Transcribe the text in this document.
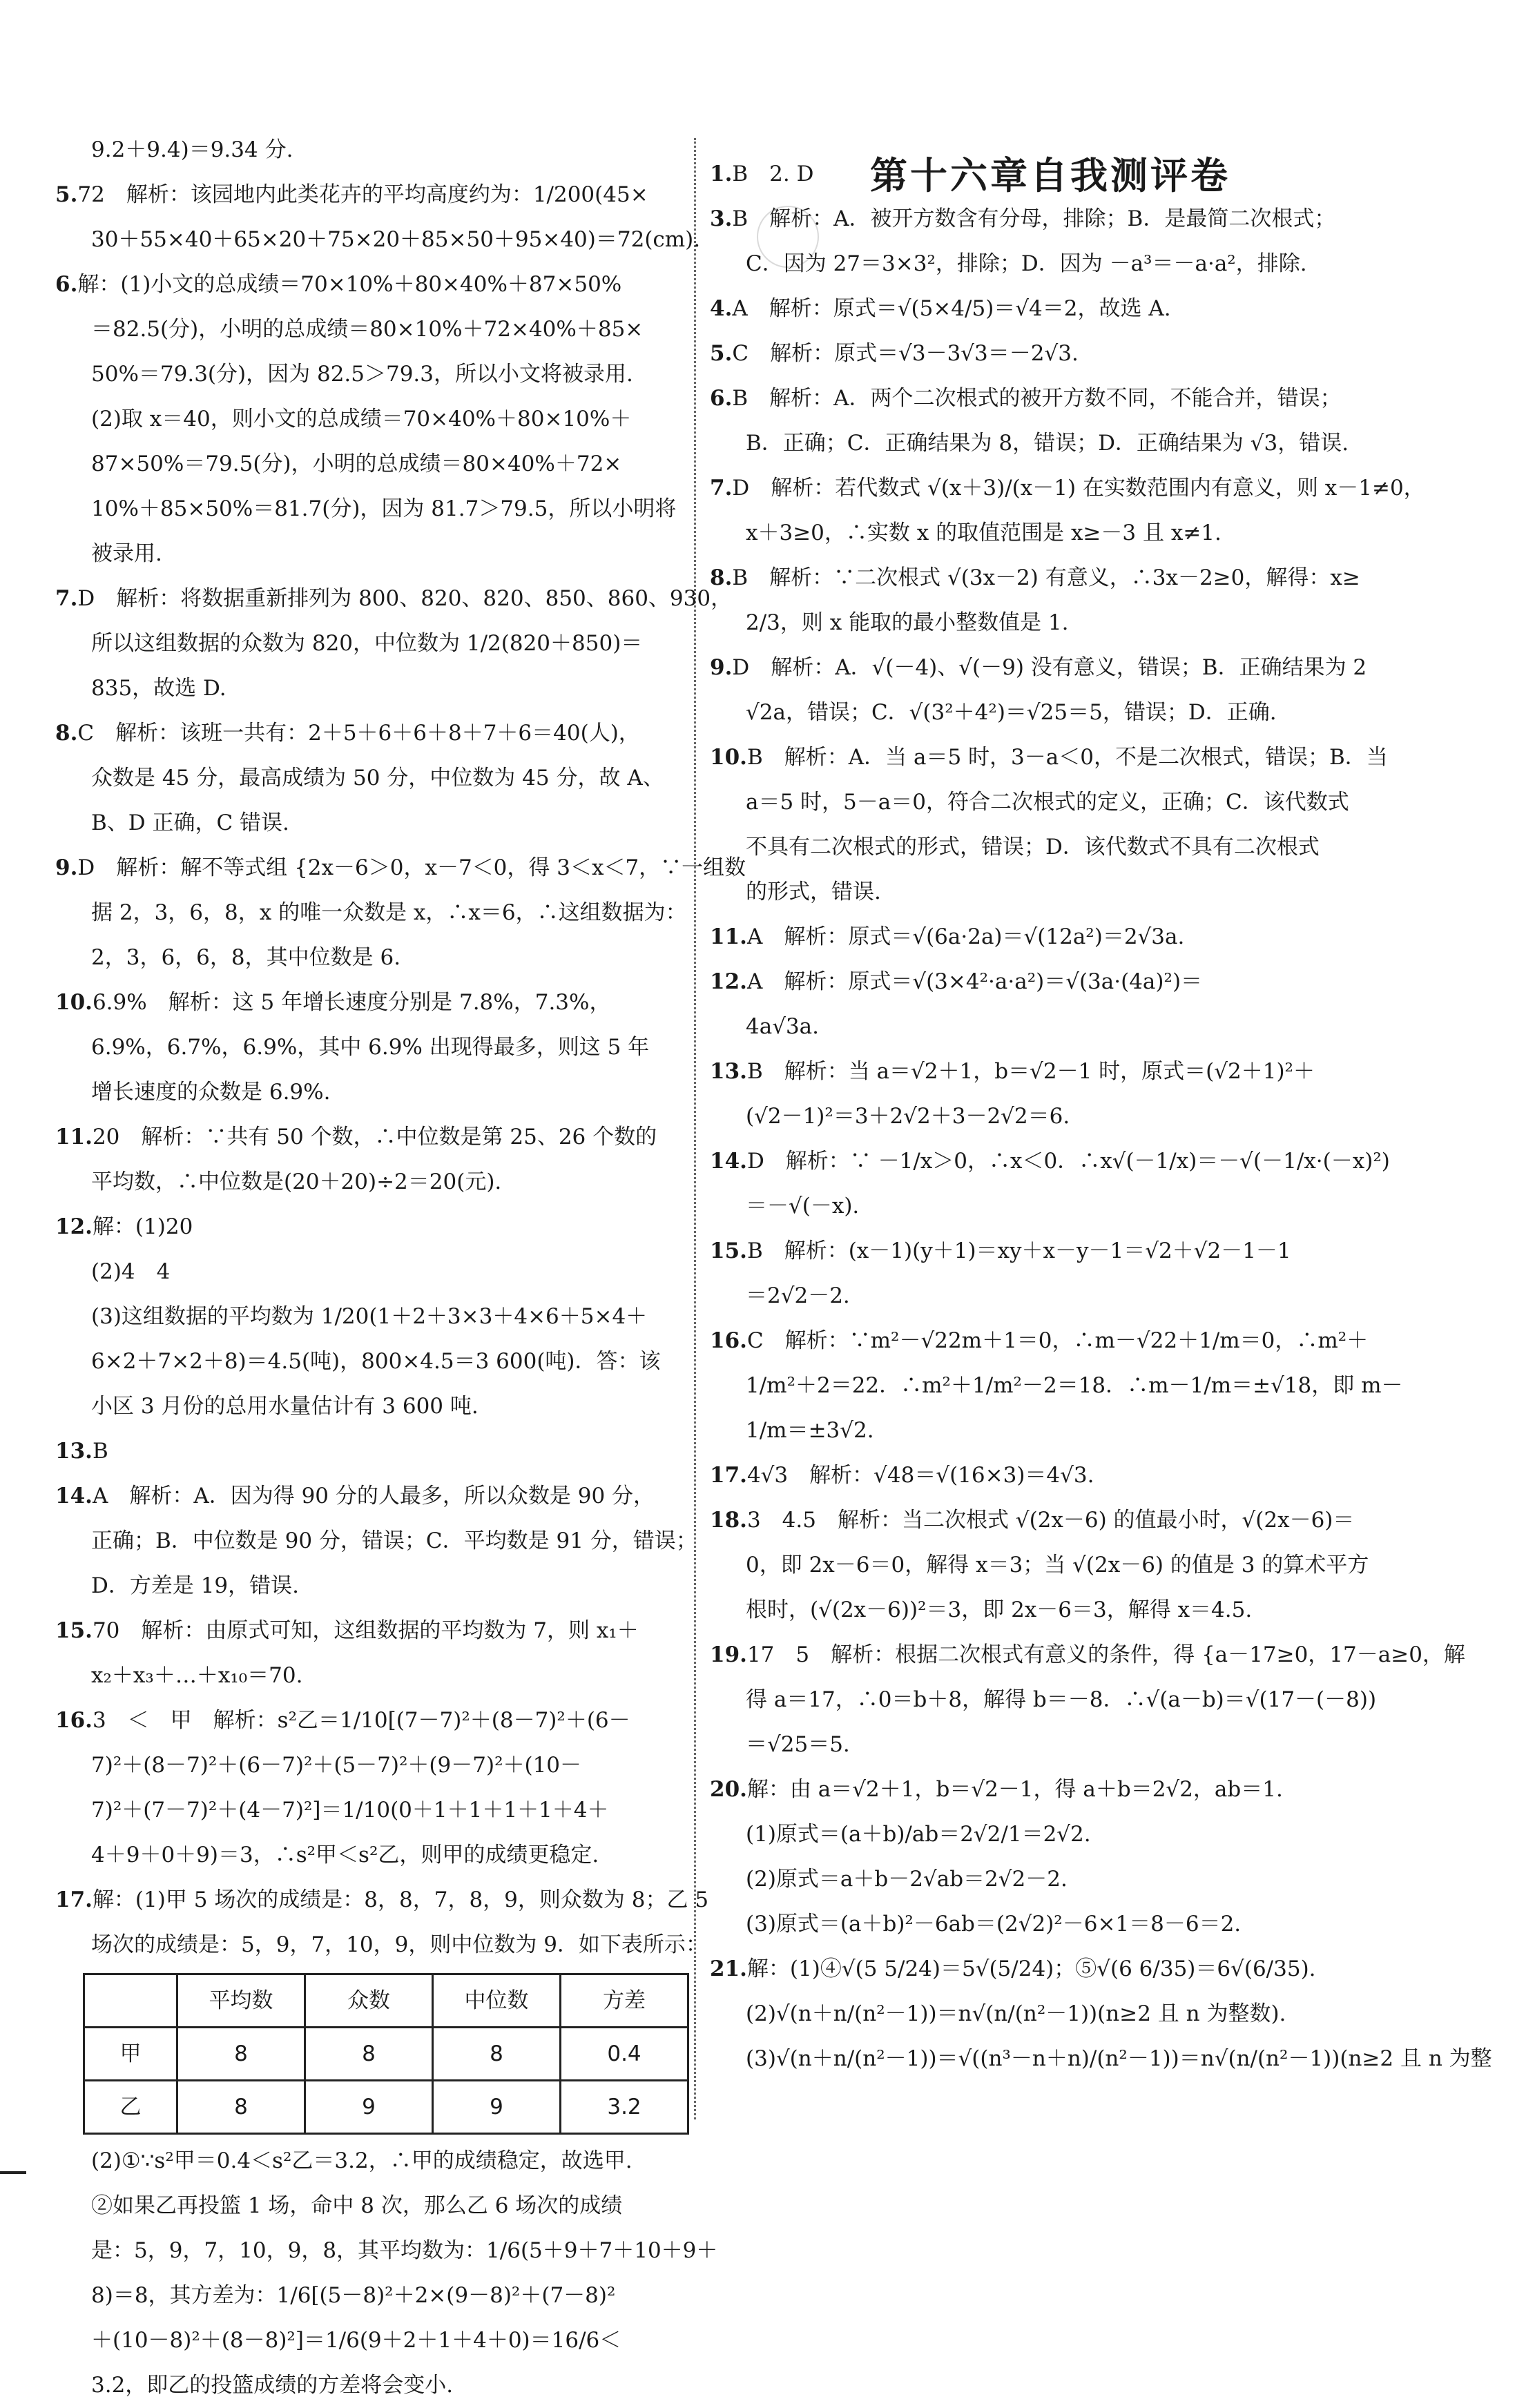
第十六章自我测评卷
9.2＋9.4)＝9.34 分.
5.72　解析：该园地内此类花卉的平均高度约为：1/200(45×
30＋55×40＋65×20＋75×20＋85×50＋95×40)＝72(cm).
6.解：(1)小文的总成绩＝70×10%＋80×40%＋87×50%
＝82.5(分)，小明的总成绩＝80×10%＋72×40%＋85×
50%＝79.3(分)，因为 82.5＞79.3，所以小文将被录用.
(2)取 x＝40，则小文的总成绩＝70×40%＋80×10%＋
87×50%＝79.5(分)，小明的总成绩＝80×40%＋72×
10%＋85×50%＝81.7(分)，因为 81.7＞79.5，所以小明将
被录用.
7.D　解析：将数据重新排列为 800、820、820、850、860、930，
所以这组数据的众数为 820，中位数为 1/2(820＋850)＝
835，故选 D.
8.C　解析：该班一共有：2＋5＋6＋6＋8＋7＋6＝40(人)，
众数是 45 分，最高成绩为 50 分，中位数为 45 分，故 A、
B、D 正确，C 错误.
9.D　解析：解不等式组 {2x－6＞0，x－7＜0，得 3＜x＜7，∵一组数
据 2，3，6，8，x 的唯一众数是 x，∴x＝6，∴这组数据为：
2，3，6，6，8，其中位数是 6.
10.6.9%　解析：这 5 年增长速度分别是 7.8%，7.3%，
6.9%，6.7%，6.9%，其中 6.9% 出现得最多，则这 5 年
增长速度的众数是 6.9%.
11.20　解析：∵共有 50 个数，∴中位数是第 25、26 个数的
平均数，∴中位数是(20＋20)÷2＝20(元).
12.解：(1)20
(2)4　4
(3)这组数据的平均数为 1/20(1＋2＋3×3＋4×6＋5×4＋
6×2＋7×2＋8)＝4.5(吨)，800×4.5＝3 600(吨)．答：该
小区 3 月份的总用水量估计有 3 600 吨.
13.B
14.A　解析：A．因为得 90 分的人最多，所以众数是 90 分，
正确；B．中位数是 90 分，错误；C．平均数是 91 分，错误；
D．方差是 19，错误.
15.70　解析：由原式可知，这组数据的平均数为 7，则 x₁＋
x₂＋x₃＋…＋x₁₀＝70.
16.3　＜　甲　解析：s²乙＝1/10[(7－7)²＋(8－7)²＋(6－
7)²＋(8－7)²＋(6－7)²＋(5－7)²＋(9－7)²＋(10－
7)²＋(7－7)²＋(4－7)²]＝1/10(0＋1＋1＋1＋1＋4＋
4＋9＋0＋9)＝3，∴s²甲＜s²乙，则甲的成绩更稳定.
17.解：(1)甲 5 场次的成绩是：8，8，7，8，9，则众数为 8；乙 5
场次的成绩是：5，9，7，10，9，则中位数为 9．如下表所示：
	平均数	众数	中位数	方差
甲	8	8	8	0.4
乙	8	9	9	3.2
(2)①∵s²甲＝0.4＜s²乙＝3.2，∴甲的成绩稳定，故选甲.
②如果乙再投篮 1 场，命中 8 次，那么乙 6 场次的成绩
是：5，9，7，10，9，8，其平均数为：1/6(5＋9＋7＋10＋9＋
8)＝8，其方差为：1/6[(5－8)²＋2×(9－8)²＋(7－8)²
＋(10－8)²＋(8－8)²]＝1/6(9＋2＋1＋4＋0)＝16/6＜
3.2，即乙的投篮成绩的方差将会变小.
1.B　2. D
3.B　解析：A．被开方数含有分母，排除；B．是最简二次根式；
C．因为 27＝3×3²，排除；D．因为 －a³＝－a·a²，排除.
4.A　解析：原式＝√(5×4/5)＝√4＝2，故选 A.
5.C　解析：原式＝√3－3√3＝－2√3.
6.B　解析：A．两个二次根式的被开方数不同，不能合并，错误；
B．正确；C．正确结果为 8，错误；D．正确结果为 √3，错误.
7.D　解析：若代数式 √(x＋3)/(x－1) 在实数范围内有意义，则 x－1≠0，
x＋3≥0，∴实数 x 的取值范围是 x≥－3 且 x≠1.
8.B　解析：∵二次根式 √(3x－2) 有意义，∴3x－2≥0，解得：x≥
2/3，则 x 能取的最小整数值是 1.
9.D　解析：A．√(－4)、√(－9) 没有意义，错误；B．正确结果为 2
√2a，错误；C．√(3²＋4²)＝√25＝5，错误；D．正确.
10.B　解析：A．当 a＝5 时，3－a＜0，不是二次根式，错误；B．当
a＝5 时，5－a＝0，符合二次根式的定义，正确；C．该代数式
不具有二次根式的形式，错误；D．该代数式不具有二次根式
的形式，错误.
11.A　解析：原式＝√(6a·2a)＝√(12a²)＝2√3a.
12.A　解析：原式＝√(3×4²·a·a²)＝√(3a·(4a)²)＝
4a√3a.
13.B　解析：当 a＝√2＋1，b＝√2－1 时，原式＝(√2＋1)²＋
(√2－1)²＝3＋2√2＋3－2√2＝6.
14.D　解析：∵ －1/x＞0，∴x＜0．∴x√(－1/x)＝－√(－1/x·(－x)²)
＝－√(－x).
15.B　解析：(x－1)(y＋1)＝xy＋x－y－1＝√2＋√2－1－1
＝2√2－2.
16.C　解析：∵m²－√22m＋1＝0，∴m－√22＋1/m＝0，∴m²＋
1/m²＋2＝22．∴m²＋1/m²－2＝18．∴m－1/m＝±√18，即 m－
1/m＝±3√2.
17.4√3　解析：√48＝√(16×3)＝4√3.
18.3　4.5　解析：当二次根式 √(2x－6) 的值最小时，√(2x－6)＝
0，即 2x－6＝0，解得 x＝3；当 √(2x－6) 的值是 3 的算术平方
根时，(√(2x－6))²＝3，即 2x－6＝3，解得 x＝4.5.
19.17　5　解析：根据二次根式有意义的条件，得 {a－17≥0，17－a≥0，解
得 a＝17，∴0＝b＋8，解得 b＝－8．∴√(a－b)＝√(17－(－8))
＝√25＝5.
20.解：由 a＝√2＋1，b＝√2－1，得 a＋b＝2√2，ab＝1.
(1)原式＝(a＋b)/ab＝2√2/1＝2√2.
(2)原式＝a＋b－2√ab＝2√2－2.
(3)原式＝(a＋b)²－6ab＝(2√2)²－6×1＝8－6＝2.
21.解：(1)④√(5 5/24)＝5√(5/24)；⑤√(6 6/35)＝6√(6/35).
(2)√(n＋n/(n²－1))＝n√(n/(n²－1))(n≥2 且 n 为整数).
(3)√(n＋n/(n²－1))＝√((n³－n＋n)/(n²－1))＝n√(n/(n²－1))(n≥2 且 n 为整
